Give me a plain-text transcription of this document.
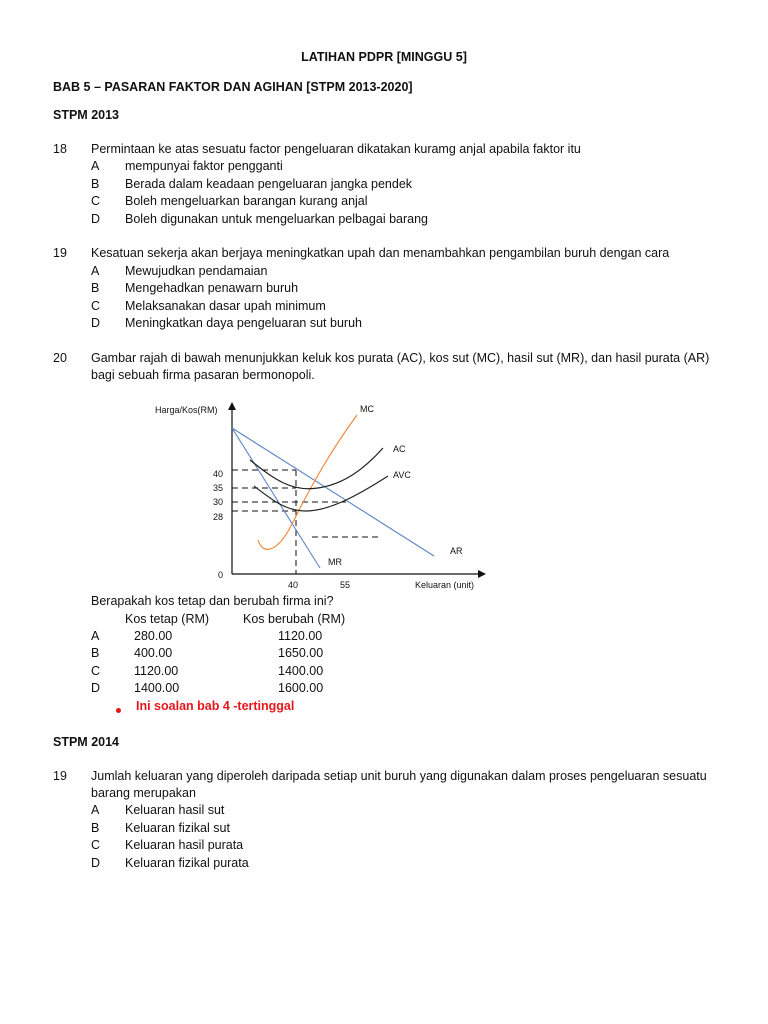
LATIHAN PDPR [MINGGU 5]
BAB 5 – PASARAN FAKTOR DAN AGIHAN [STPM 2013-2020]
STPM 2013
18 Permintaan ke atas sesuatu factor pengeluaran dikatakan kuramg anjal apabila faktor itu
A mempunyai faktor pengganti
B Berada dalam keadaan pengeluaran jangka pendek
C Boleh mengeluarkan barangan kurang anjal
D Boleh digunakan untuk mengeluarkan pelbagai barang
19 Kesatuan sekerja akan berjaya meningkatkan upah dan menambahkan pengambilan buruh dengan cara
A Mewujudkan pendamaian
B Mengehadkan penawarn buruh
C Melaksanakan dasar upah minimum
D Meningkatkan daya pengeluaran sut buruh
20 Gambar rajah di bawah menunjukkan keluk kos purata (AC), kos sut (MC), hasil sut (MR), dan hasil purata (AR)
bagi sebuah firma pasaran bermonopoli.
Harga/Kos(RM)
Keluaran (unit)
0
40
35
30
28
40	55
MC
AC
AVC
AR
MR
Berapakah kos tetap dan berubah firma ini?
Kos tetap (RM)	Kos berubah (RM)
A	280.00	1120.00
B	400.00	1650.00
C	1120.00	1400.00
D	1400.00	1600.00
Ini soalan bab 4 -tertinggal
STPM 2014
19 Jumlah keluaran yang diperoleh daripada setiap unit buruh yang digunakan dalam proses pengeluaran sesuatu
barang merupakan
A Keluaran hasil sut
B Keluaran fizikal sut
C Keluaran hasil purata
D Keluaran fizikal purata
